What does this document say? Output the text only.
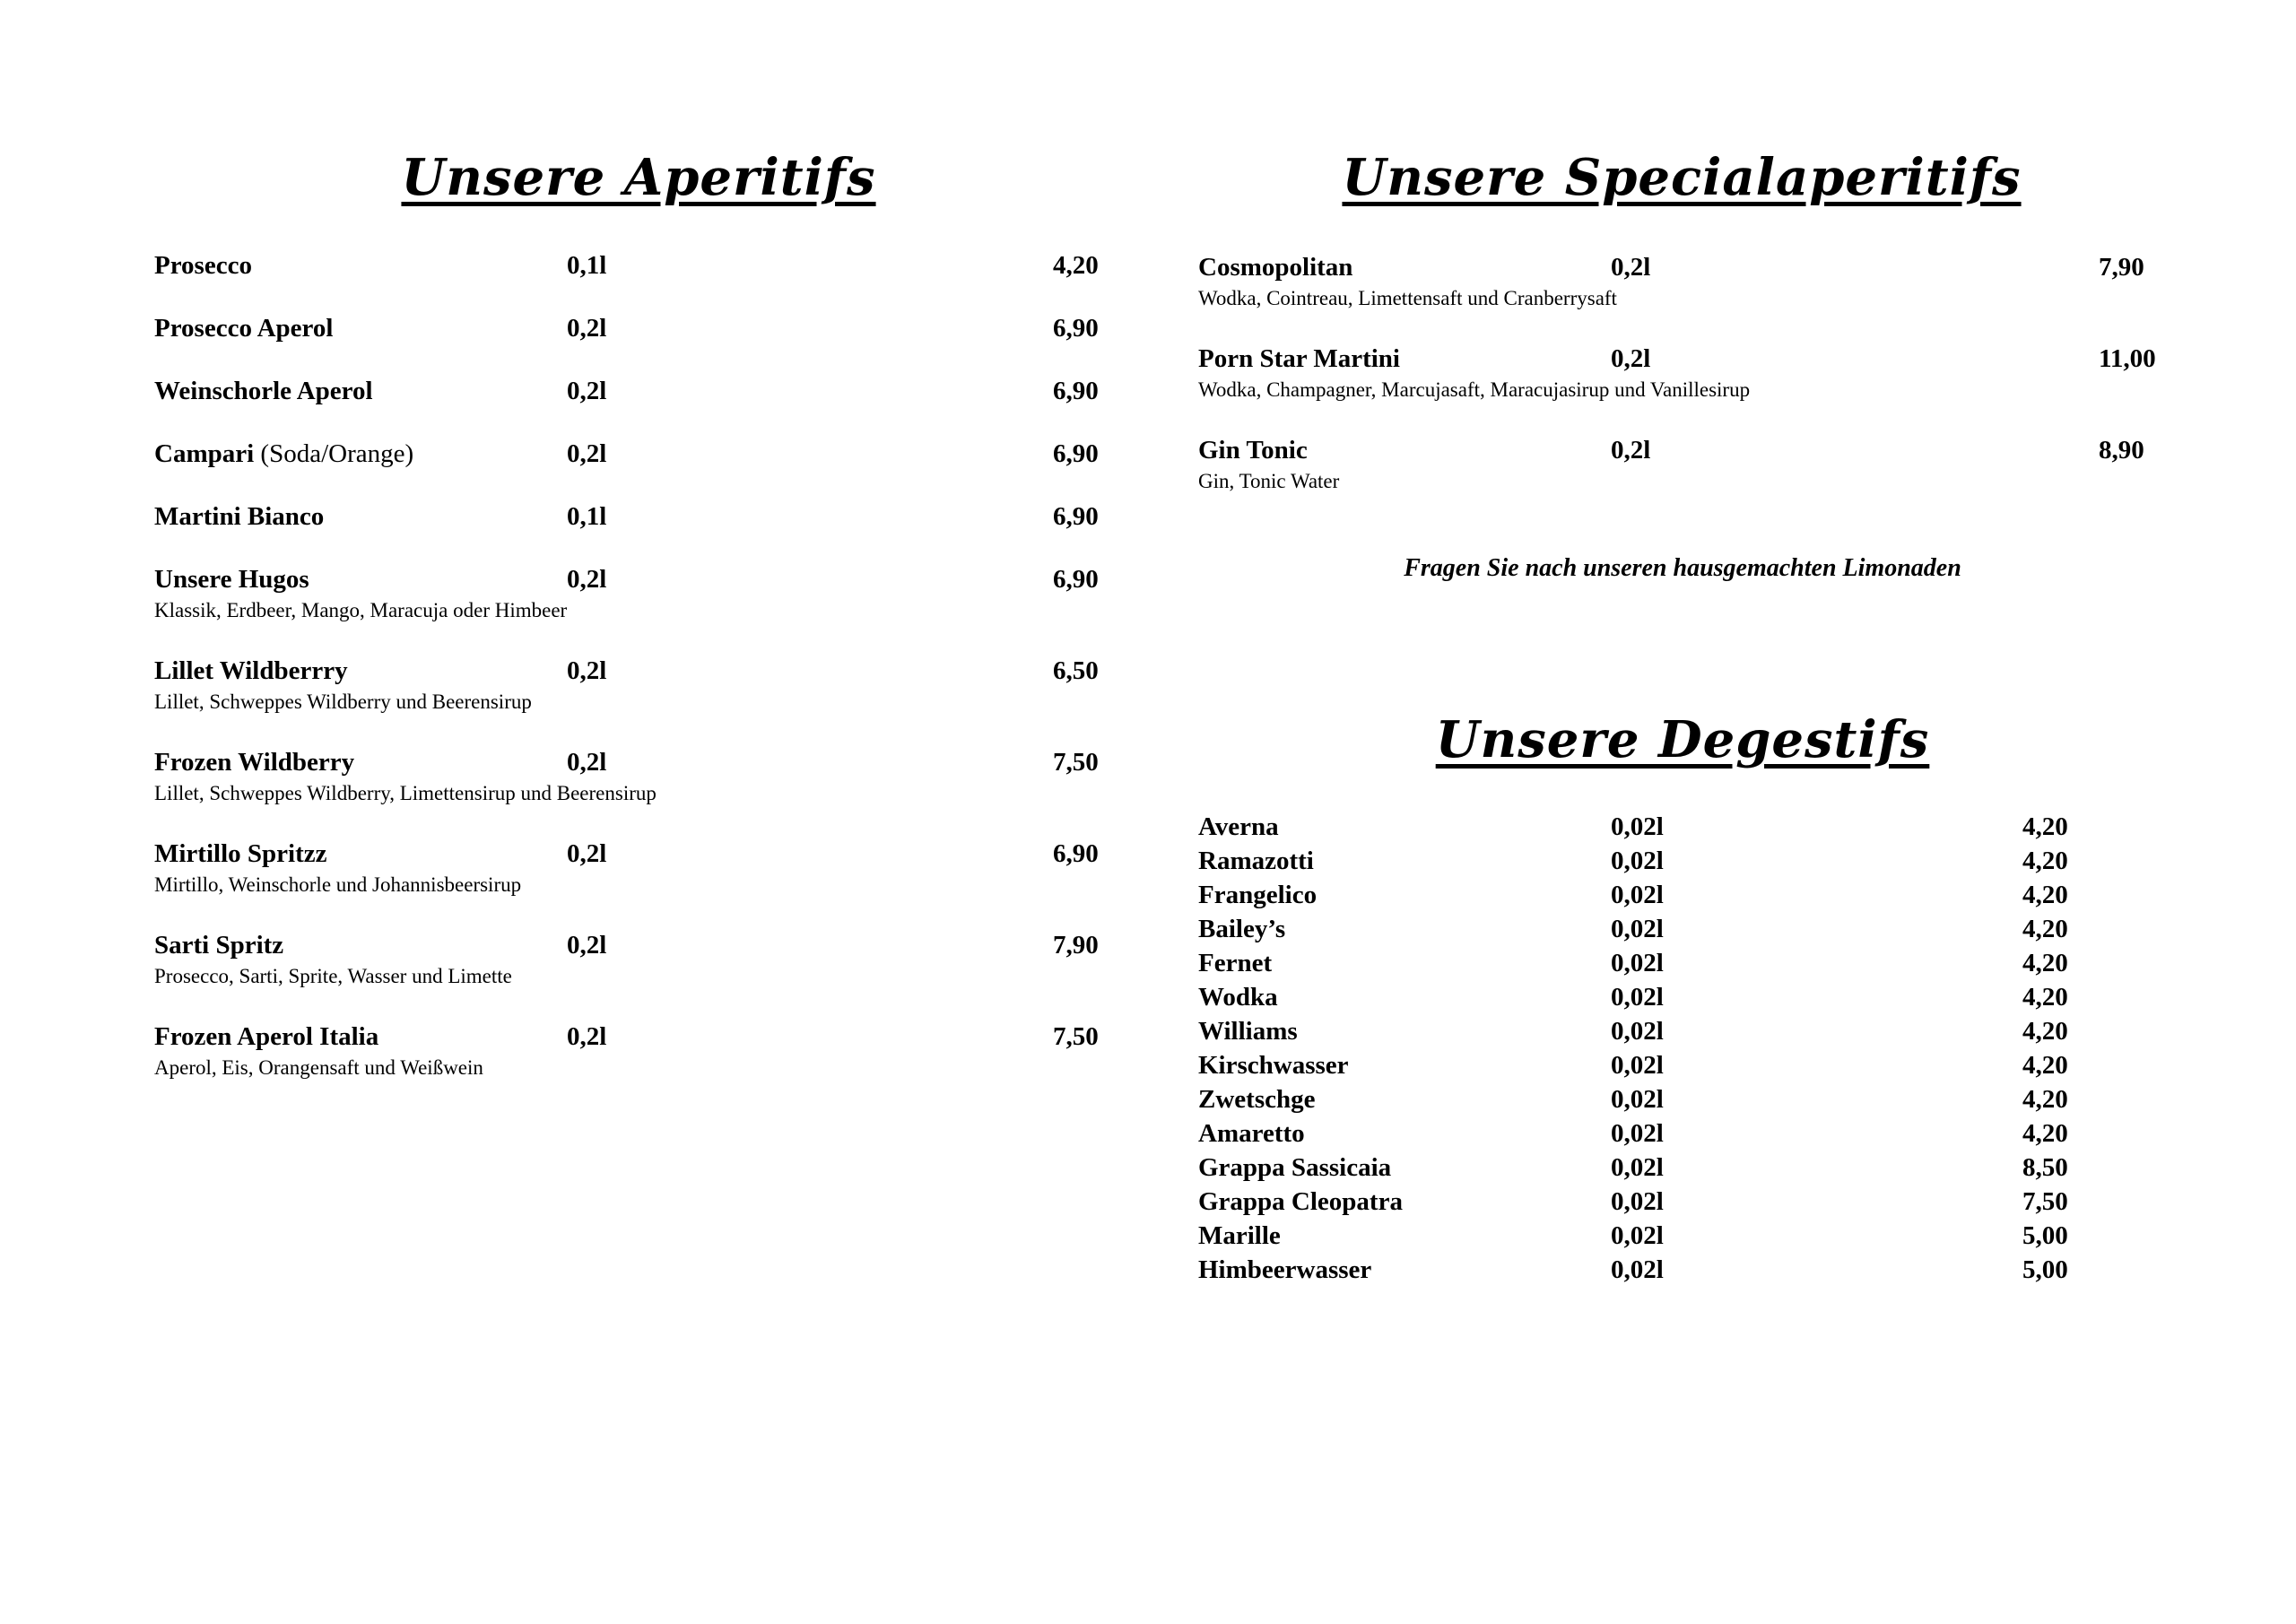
Unsere Aperitifs
Prosecco	0,1l	4,20
Prosecco Aperol	0,2l	6,90
Weinschorle Aperol	0,2l	6,90
Campari (Soda/Orange)	0,2l	6,90
Martini Bianco	0,1l	6,90
Unsere Hugos	0,2l	6,90
Klassik, Erdbeer, Mango, Maracuja oder Himbeer
Lillet Wildberrry	0,2l	6,50
Lillet, Schweppes Wildberry und Beerensirup
Frozen Wildberry	0,2l	7,50
Lillet, Schweppes Wildberry, Limettensirup und Beerensirup
Mirtillo Spritzz	0,2l	6,90
Mirtillo, Weinschorle und Johannisbeersirup
Sarti Spritz	0,2l	7,90
Prosecco, Sarti, Sprite, Wasser und Limette
Frozen Aperol Italia	0,2l	7,50
Aperol, Eis, Orangensaft und Weißwein
Unsere Specialaperitifs
Cosmopolitan	0,2l	7,90
Wodka, Cointreau, Limettensaft und Cranberrysaft
Porn Star Martini	0,2l	11,00
Wodka, Champagner, Marcujasaft, Maracujasirup und Vanillesirup
Gin Tonic	0,2l	8,90
Gin, Tonic Water
Fragen Sie nach unseren hausgemachten Limonaden
Unsere Degestifs
Averna	0,02l	4,20
Ramazotti	0,02l	4,20
Frangelico	0,02l	4,20
Bailey’s	0,02l	4,20
Fernet	0,02l	4,20
Wodka	0,02l	4,20
Williams	0,02l	4,20
Kirschwasser	0,02l	4,20
Zwetschge	0,02l	4,20
Amaretto	0,02l	4,20
Grappa Sassicaia	0,02l	8,50
Grappa Cleopatra	0,02l	7,50
Marille	0,02l	5,00
Himbeerwasser	0,02l	5,00
